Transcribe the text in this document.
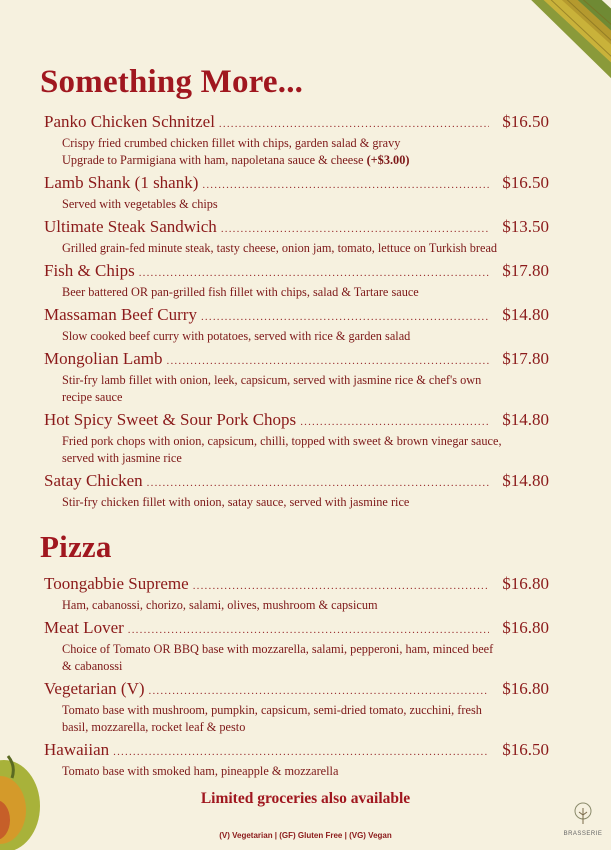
BRASSERIE
Something More...
Panko Chicken Schnitzel .....	$16.50
Crispy fried crumbed chicken fillet with chips, garden salad & gravy
Upgrade to Parmigiana with ham, napoletana sauce & cheese (+$3.00)
Lamb Shank (1 shank) .....	$16.50
Served with vegetables & chips
Ultimate Steak Sandwich .....	$13.50
Grilled grain-fed minute steak, tasty cheese, onion jam, tomato, lettuce on Turkish bread
Fish & Chips .....	$17.80
Beer battered OR pan-grilled fish fillet with chips, salad & Tartare sauce
Massaman Beef Curry .....	$14.80
Slow cooked beef curry with potatoes, served with rice & garden salad
Mongolian Lamb .....	$17.80
Stir-fry lamb fillet with onion, leek, capsicum, served with jasmine rice & chef's own recipe sauce
Hot Spicy Sweet & Sour Pork Chops .....	$14.80
Fried pork chops with onion, capsicum, chilli, topped with sweet & brown vinegar sauce, served with jasmine rice
Satay Chicken .....	$14.80
Stir-fry chicken fillet with onion, satay sauce, served with jasmine rice
Pizza
Toongabbie Supreme .....	$16.80
Ham, cabanossi, chorizo, salami, olives, mushroom & capsicum
Meat Lover .....	$16.80
Choice of Tomato OR BBQ base with mozzarella, salami, pepperoni, ham, minced beef & cabanossi
Vegetarian (V) .....	$16.80
Tomato base with mushroom, pumpkin, capsicum, semi-dried tomato, zucchini, fresh basil, mozzarella, rocket leaf & pesto
Hawaiian .....	$16.50
Tomato base with smoked ham, pineapple & mozzarella
Limited groceries also available
(V) Vegetarian | (GF) Gluten Free | (VG) Vegan
